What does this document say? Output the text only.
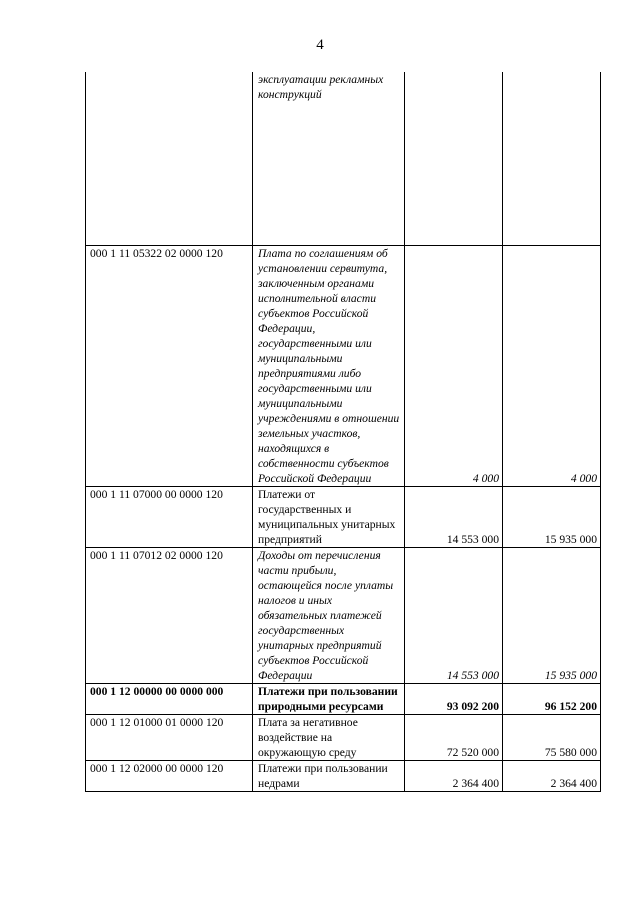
4
	эксплуатации рекламных конструкций		
000 1 11 05322 02 0000 120	Плата по соглашениям об установлении сервитута, заключенным органами исполнительной власти субъектов Российской Федерации, государственными или муниципальными предприятиями либо государственными или муниципальными учреждениями в отношении земельных участков, находящихся в собственности субъектов Российской Федерации	4 000	4 000
000 1 11 07000 00 0000 120	Платежи от государственных и муниципальных унитарных предприятий	14 553 000	15 935 000
000 1 11 07012 02 0000 120	Доходы от перечисления части прибыли, остающейся после уплаты налогов и иных обязательных платежей государственных унитарных предприятий субъектов Российской Федерации	14 553 000	15 935 000
000 1 12 00000 00 0000 000	Платежи при пользовании природными ресурсами	93 092 200	96 152 200
000 1 12 01000 01 0000 120	Плата за негативное воздействие на окружающую среду	72 520 000	75 580 000
000 1 12 02000 00 0000 120	Платежи при пользовании недрами	2 364 400	2 364 400
